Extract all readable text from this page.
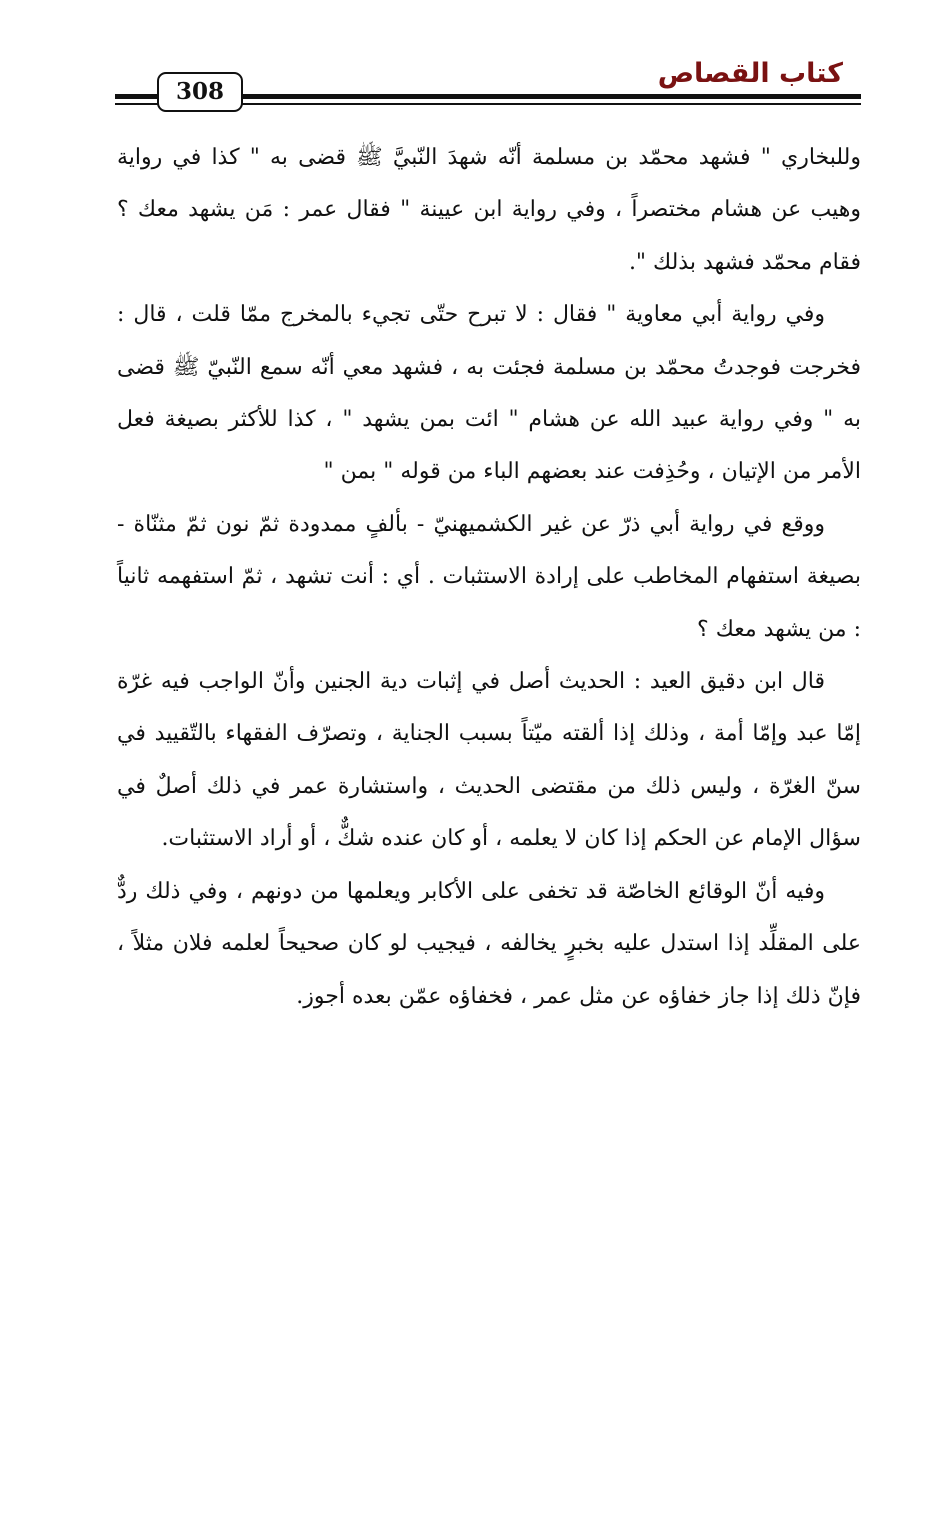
308
كتاب القصاص

وللبخاري " فشهد محمّد بن مسلمة أنّه شهدَ النّبيَّ ﷺ قضى به " كذا في رواية وهيب عن هشام مختصراً ، وفي رواية ابن عيينة " فقال عمر : مَن يشهد معك ؟ فقام محمّد فشهد بذلك ".

وفي رواية أبي معاوية " فقال : لا تبرح حتّى تجيء بالمخرج ممّا قلت ، قال : فخرجت فوجدتُ محمّد بن مسلمة فجئت به ، فشهد معي أنّه سمع النّبيّ ﷺ قضى به " وفي رواية عبيد الله عن هشام " ائت بمن يشهد " ، كذا للأكثر بصيغة فعل الأمر من الإتيان ، وحُذِفت عند بعضهم الباء من قوله " بمن "

ووقع في رواية أبي ذرّ عن غير الكشميهنيّ - بألفٍ ممدودة ثمّ نون ثمّ مثنّاة - بصيغة استفهام المخاطب على إرادة الاستثبات . أي : أنت تشهد ، ثمّ استفهمه ثانياً : من يشهد معك ؟

قال ابن دقيق العيد : الحديث أصل في إثبات دية الجنين وأنّ الواجب فيه غرّة إمّا عبد وإمّا أمة ، وذلك إذا ألقته ميّتاً بسبب الجناية ، وتصرّف الفقهاء بالتّقييد في سنّ الغرّة ، وليس ذلك من مقتضى الحديث ، واستشارة عمر في ذلك أصلٌ في سؤال الإمام عن الحكم إذا كان لا يعلمه ، أو كان عنده شكٌّ ، أو أراد الاستثبات.

وفيه أنّ الوقائع الخاصّة قد تخفى على الأكابر ويعلمها من دونهم ، وفي ذلك ردٌّ على المقلِّد إذا استدل عليه بخبرٍ يخالفه ، فيجيب لو كان صحيحاً لعلمه فلان مثلاً ، فإنّ ذلك إذا جاز خفاؤه عن مثل عمر ، فخفاؤه عمّن بعده أجوز.
